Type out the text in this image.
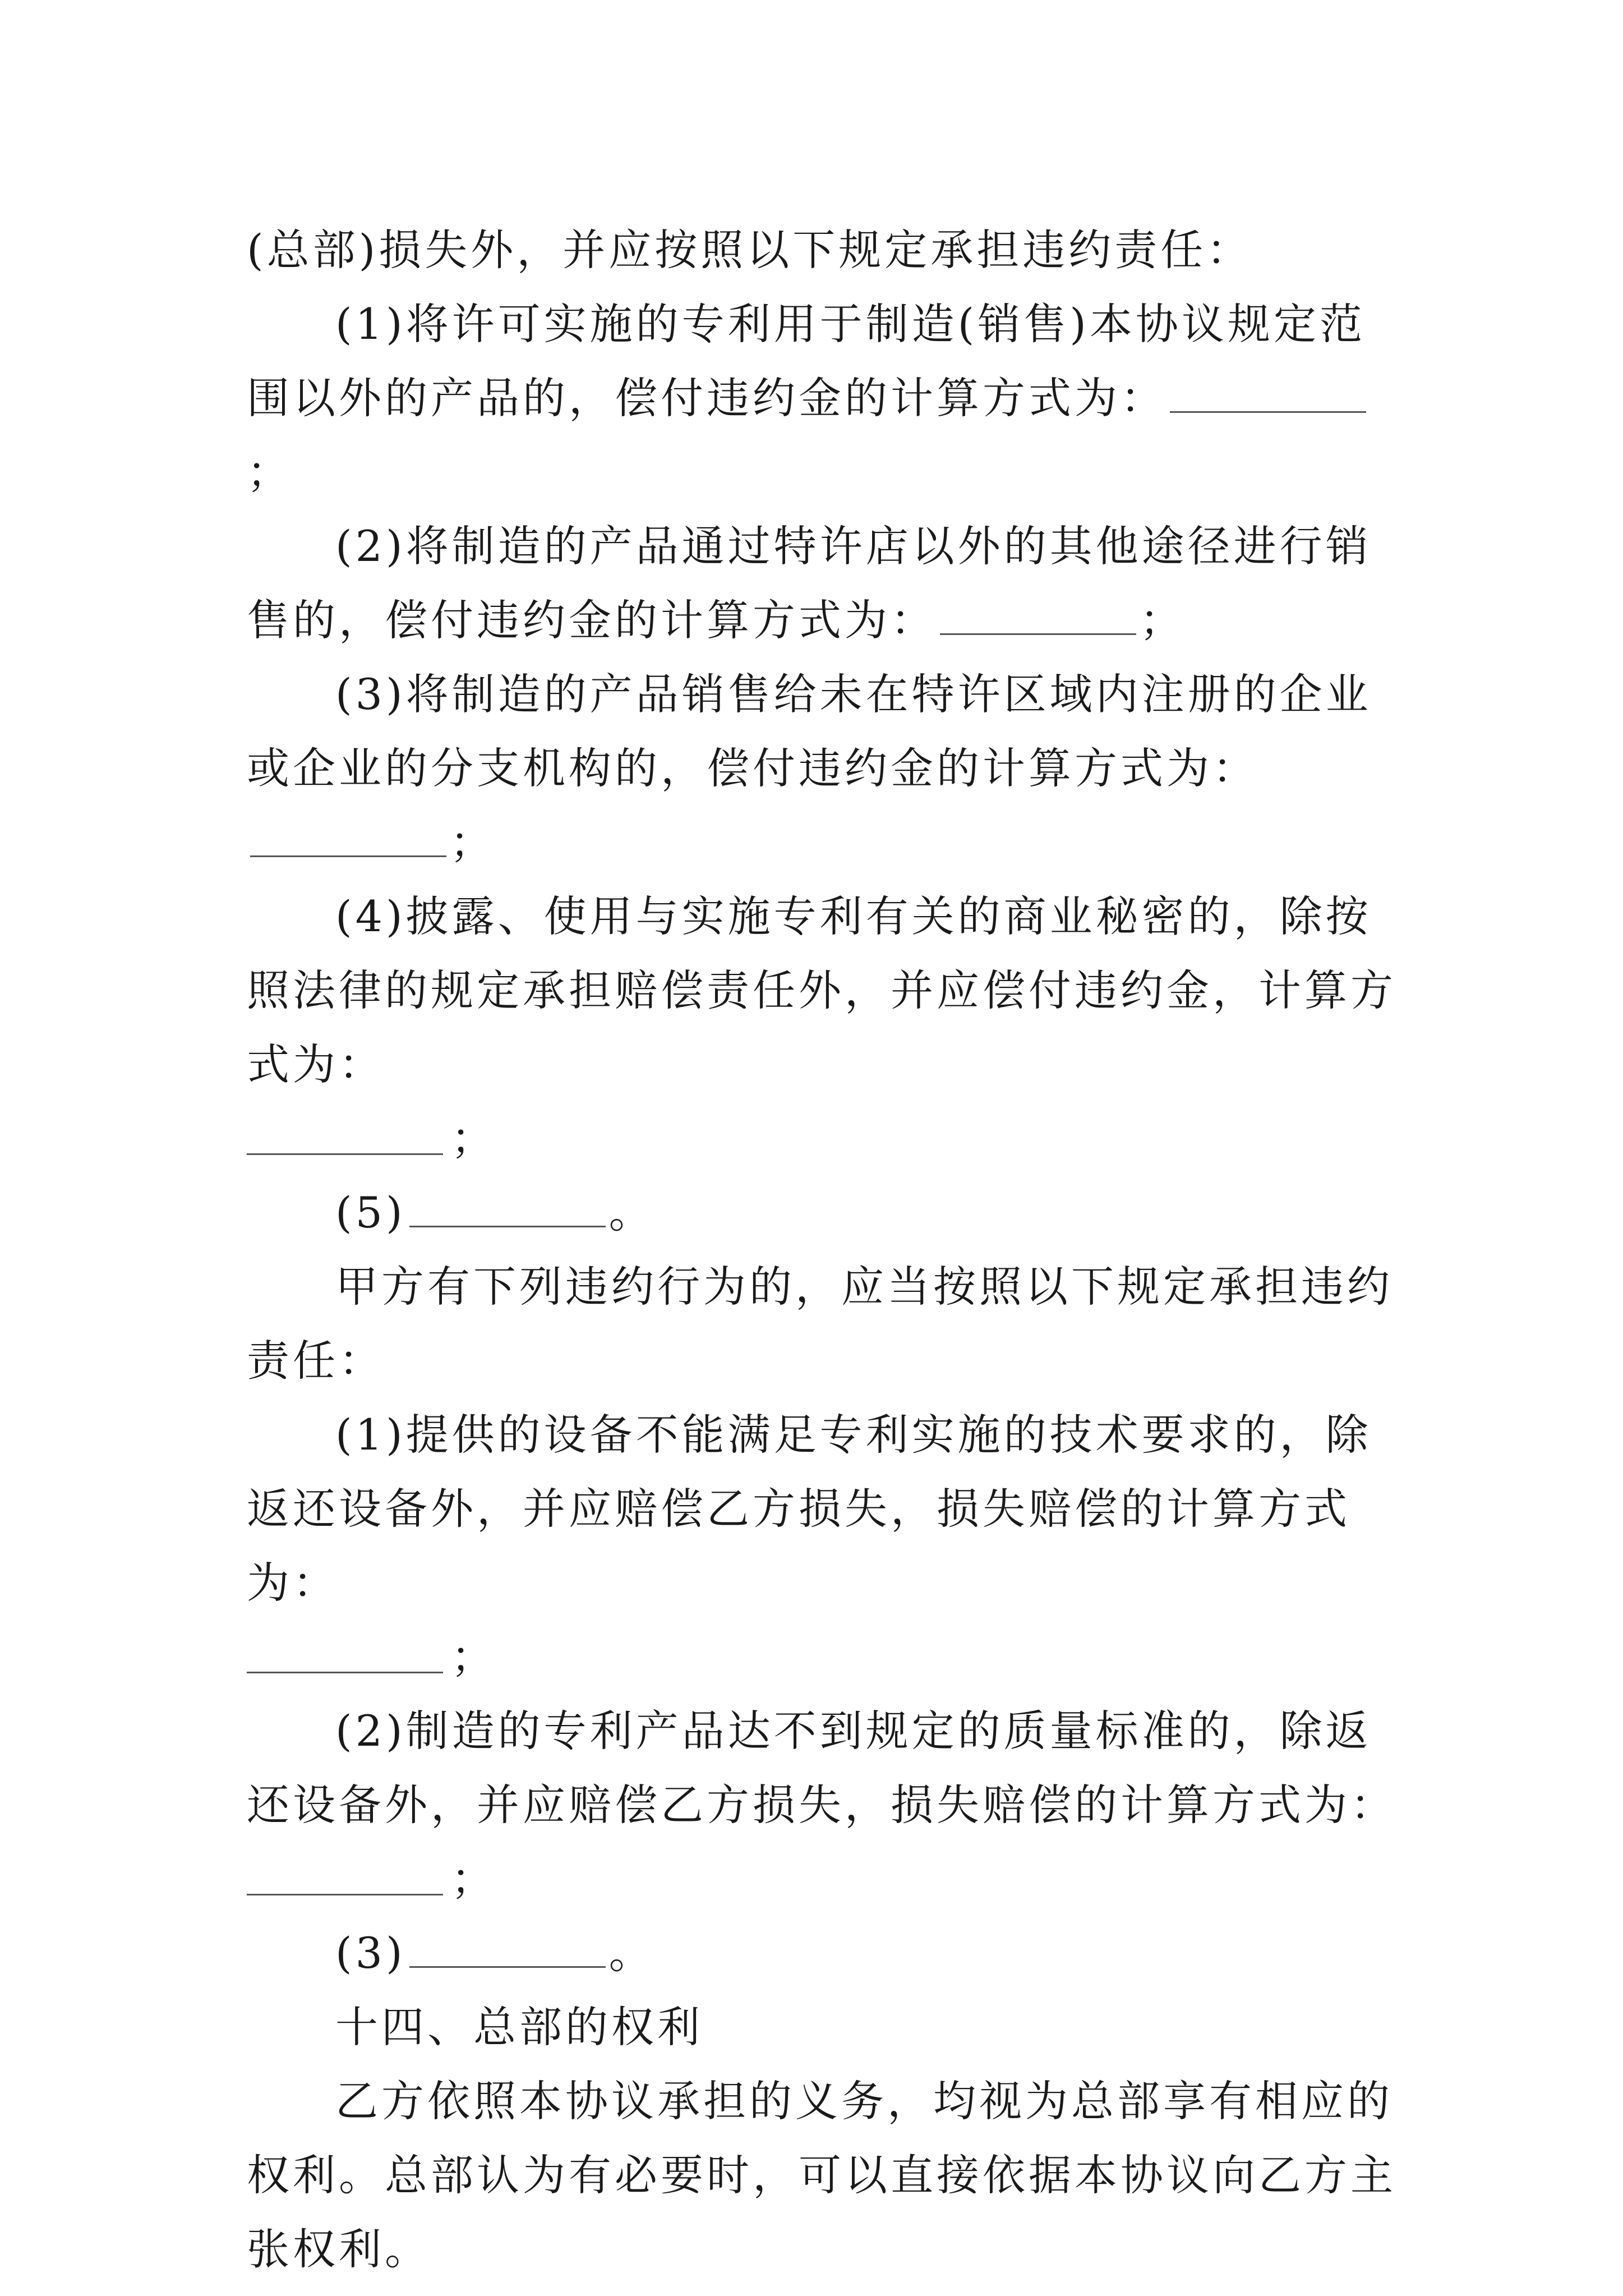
(总部)损失外，并应按照以下规定承担违约责任：

(1)将许可实施的专利用于制造(销售)本协议规定范围以外的产品的，偿付违约金的计算方式为：；

(2)将制造的产品通过特许店以外的其他途径进行销售的，偿付违约金的计算方式为：	；

(3)将制造的产品销售给未在特许区域内注册的企业或企业的分支机构的，偿付违约金的计算方式为：；

(4)披露、使用与实施专利有关的商业秘密的，除按照法律的规定承担赔偿责任外，并应偿付违约金，计算方式为：

；

(5)	。

甲方有下列违约行为的，应当按照以下规定承担违约责任：

(1)提供的设备不能满足专利实施的技术要求的，除返还设备外，并应赔偿乙方损失，损失赔偿的计算方式为：

；

(2)制造的专利产品达不到规定的质量标准的，除返还设备外，并应赔偿乙方损失，损失赔偿的计算方式为：

；

(3)	。

十四、总部的权利

乙方依照本协议承担的义务，均视为总部享有相应的权利。总部认为有必要时，可以直接依据本协议向乙方主张权利。
